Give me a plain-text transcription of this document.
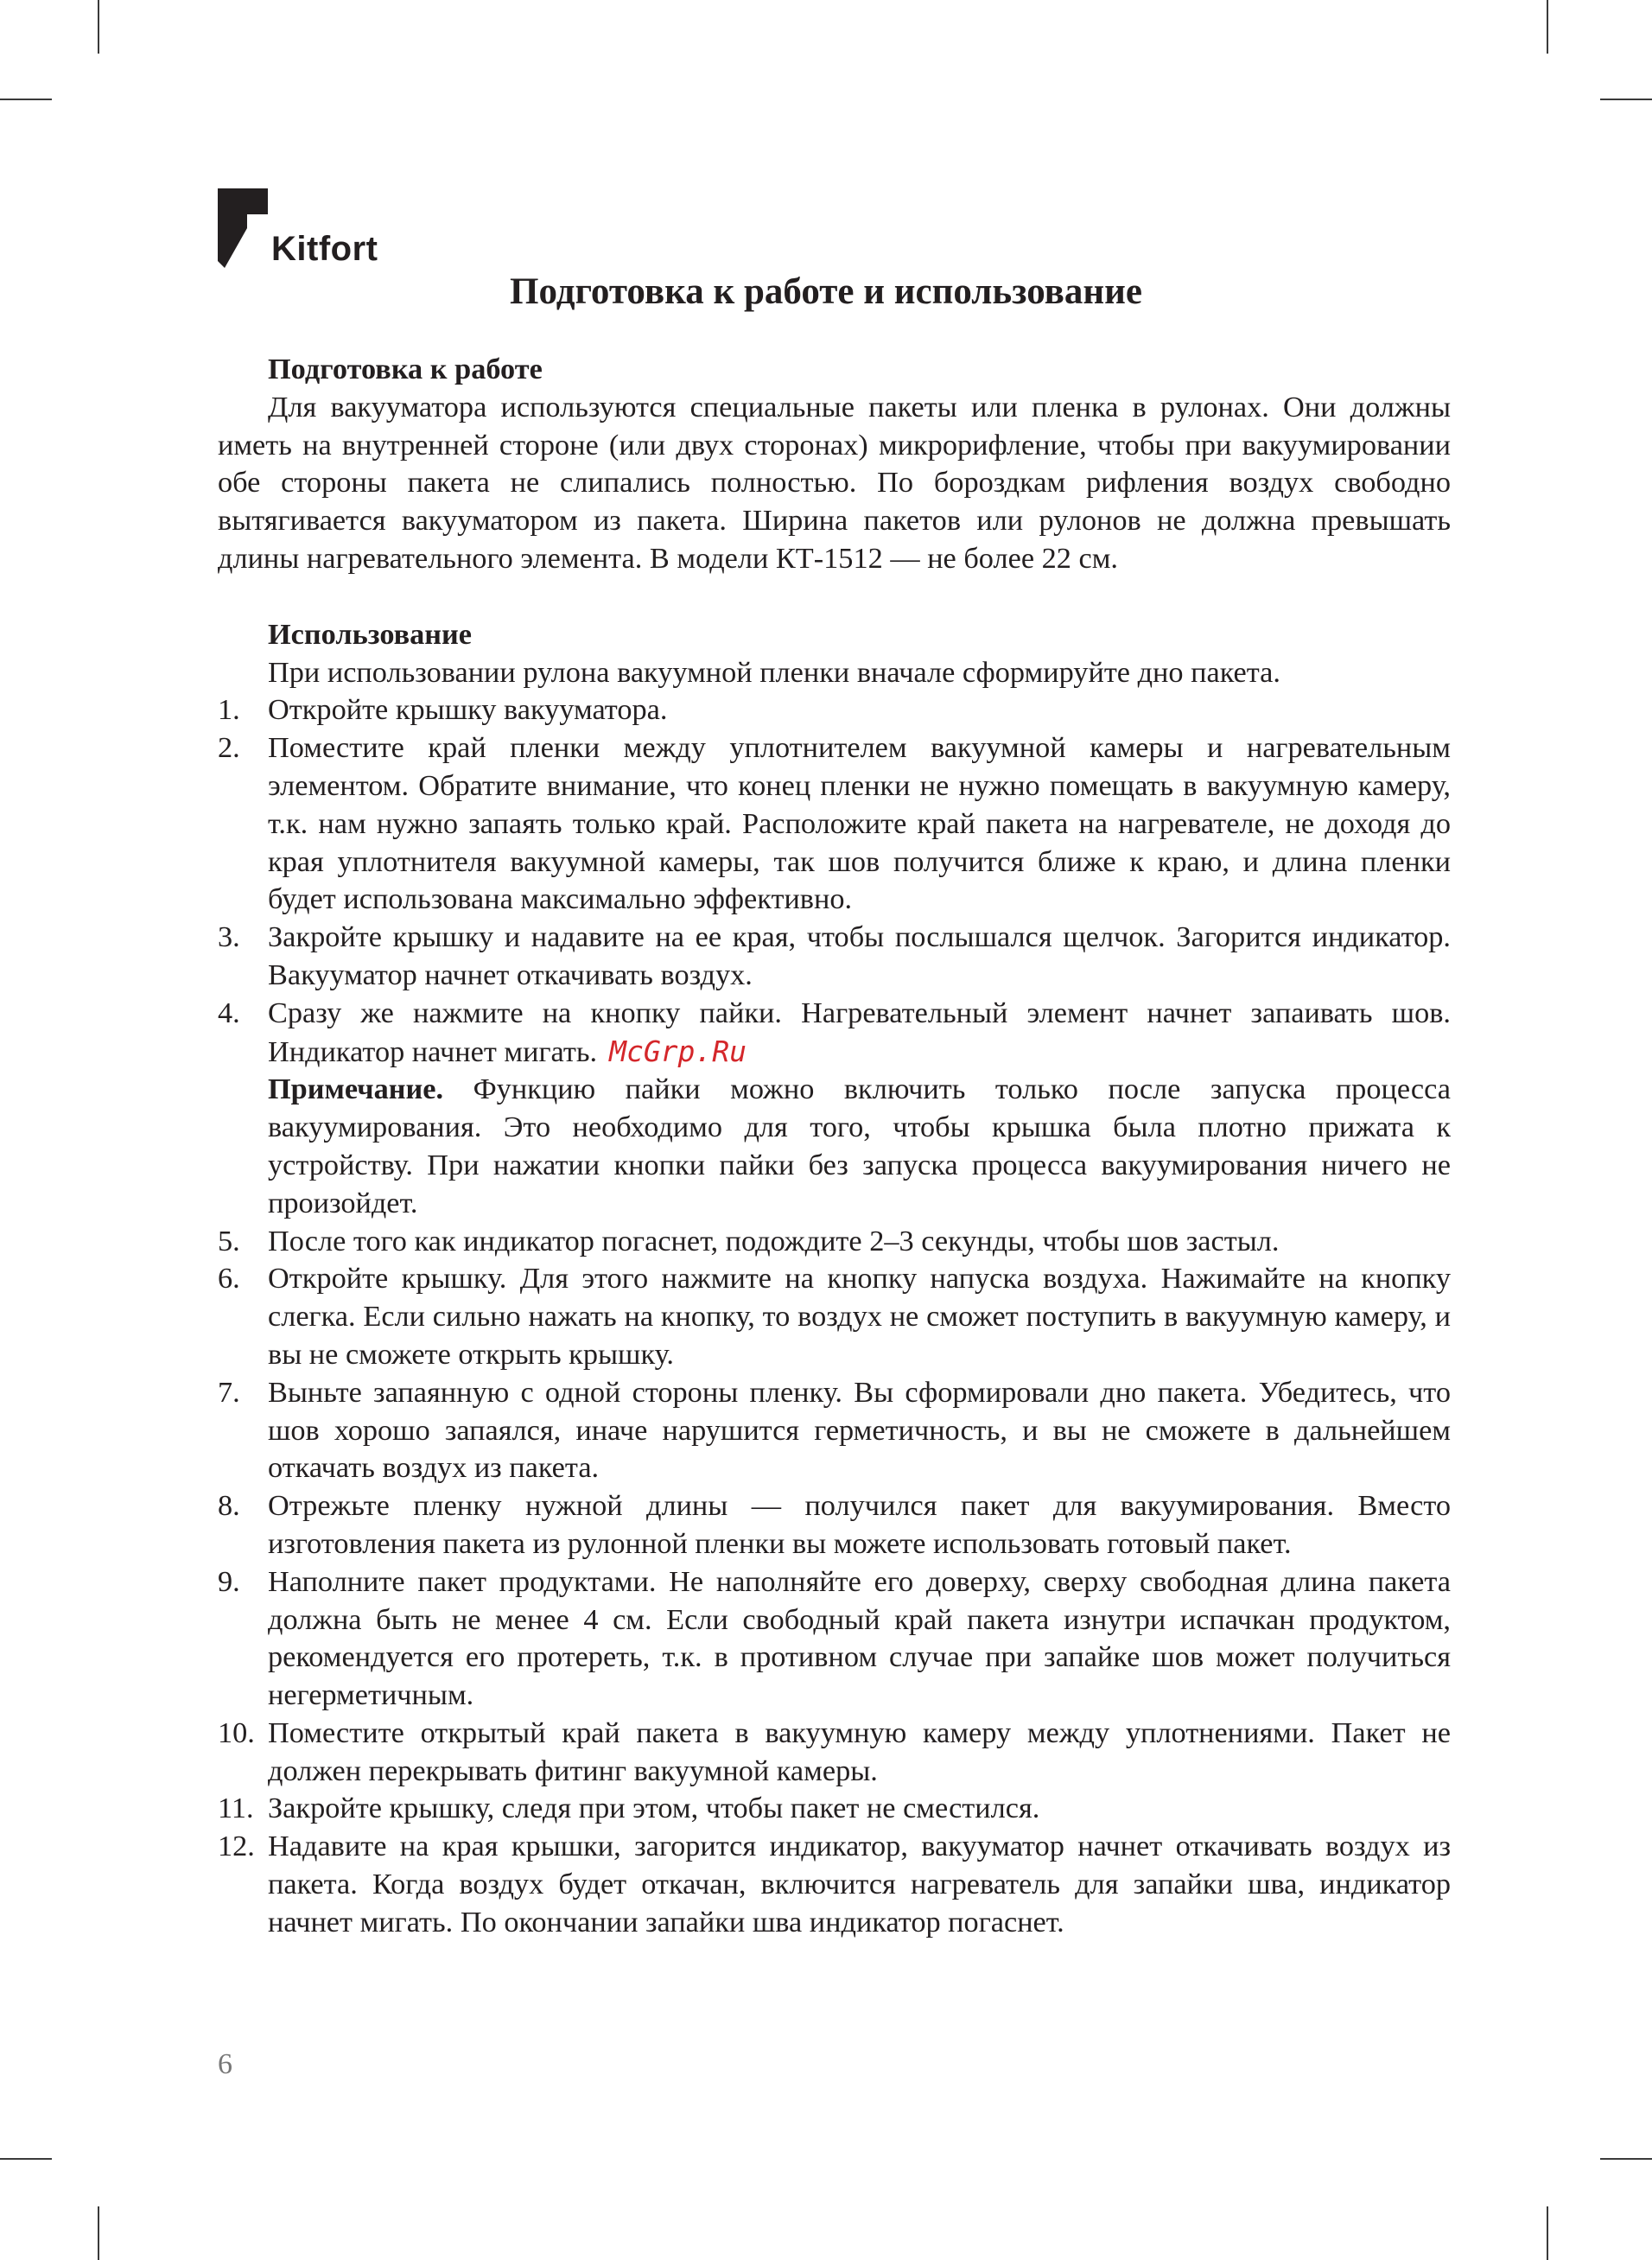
Kitfort
Подготовка к работе и использование
Подготовка к работе

Для вакууматора используются специальные пакеты или пленка в рулонах. Они должны иметь на внутренней стороне (или двух сторонах) микрорифление, чтобы при вакуумировании обе стороны пакета не слипались полностью. По бороздкам рифления воздух свободно вытягивается вакууматором из пакета. Ширина пакетов или рулонов не должна превышать длины нагревательного элемента. В модели КТ-1512 — не более 22 см.

Использование

При использовании рулона вакуумной пленки вначале сформируйте дно пакета.

1. Откройте крышку вакууматора.
2. Поместите край пленки между уплотнителем вакуумной камеры и нагревательным элементом. Обратите внимание, что конец пленки не нужно помещать в вакуумную камеру, т.к. нам нужно запаять только край. Расположите край пакета на нагревателе, не доходя до края уплотнителя вакуумной камеры, так шов получится ближе к краю, и длина пленки будет использована максимально эффективно.
3. Закройте крышку и надавите на ее края, чтобы послышался щелчок. Загорится индикатор. Вакууматор начнет откачивать воздух.
4. Сразу же нажмите на кнопку пайки. Нагревательный элемент начнет запаивать шов. Индикатор начнет мигать. McGrp.Ru
Примечание. Функцию пайки можно включить только после запуска процесса вакуумирования. Это необходимо для того, чтобы крышка была плотно прижата к устройству. При нажатии кнопки пайки без запуска процесса вакуумирования ничего не произойдет.
5. После того как индикатор погаснет, подождите 2–3 секунды, чтобы шов застыл.
6. Откройте крышку. Для этого нажмите на кнопку напуска воздуха. Нажимайте на кнопку слегка. Если сильно нажать на кнопку, то воздух не сможет поступить в вакуумную камеру, и вы не сможете открыть крышку.
7. Выньте запаянную с одной стороны пленку. Вы сформировали дно пакета. Убедитесь, что шов хорошо запаялся, иначе нарушится герметичность, и вы не сможете в дальнейшем откачать воздух из пакета.
8. Отрежьте пленку нужной длины — получился пакет для вакуумирования. Вместо изготовления пакета из рулонной пленки вы можете использовать готовый пакет.
9. Наполните пакет продуктами. Не наполняйте его доверху, сверху свободная длина пакета должна быть не менее 4 см. Если свободный край пакета изнутри испачкан продуктом, рекомендуется его протереть, т.к. в противном случае при запайке шов может получиться негерметичным.
10. Поместите открытый край пакета в вакуумную камеру между уплотнениями. Пакет не должен перекрывать фитинг вакуумной камеры.
11. Закройте крышку, следя при этом, чтобы пакет не сместился.
12. Надавите на края крышки, загорится индикатор, вакууматор начнет откачивать воздух из пакета. Когда воздух будет откачан, включится нагреватель для запайки шва, индикатор начнет мигать. По окончании запайки шва индикатор погаснет.

6
